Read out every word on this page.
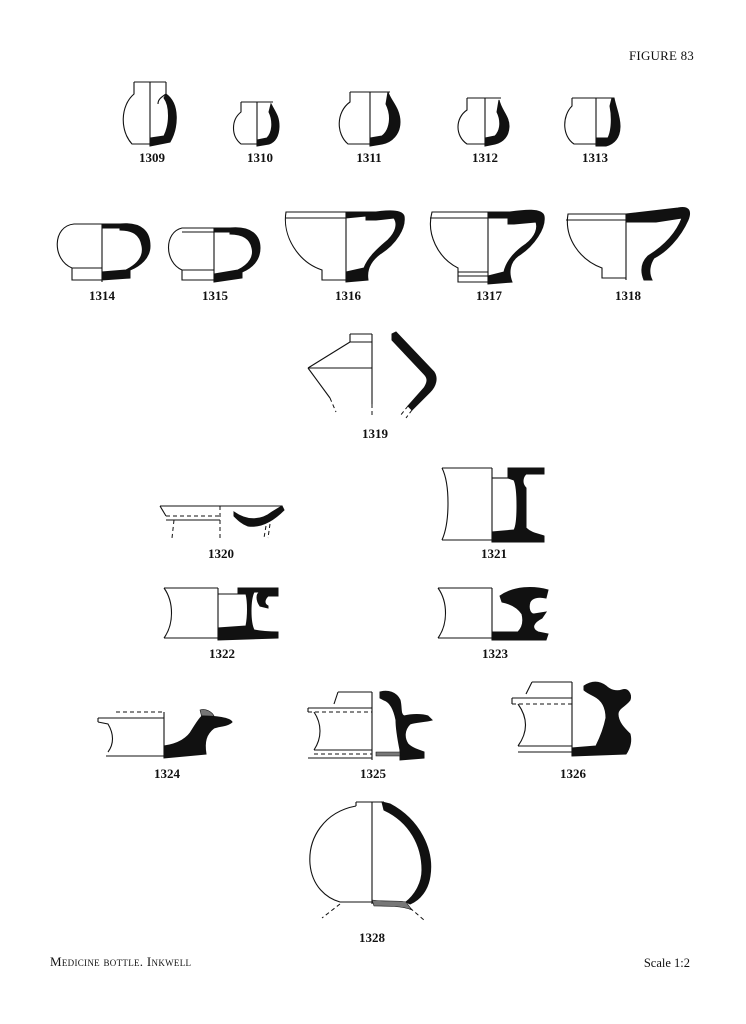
FIGURE 83
1309	1310	1311	1312	1313
1314	1315	1316	1317	1318
1319
1320	1321
1322	1323
1324	1325	1326
1328
Medicine bottle. Inkwell	Scale 1:2
